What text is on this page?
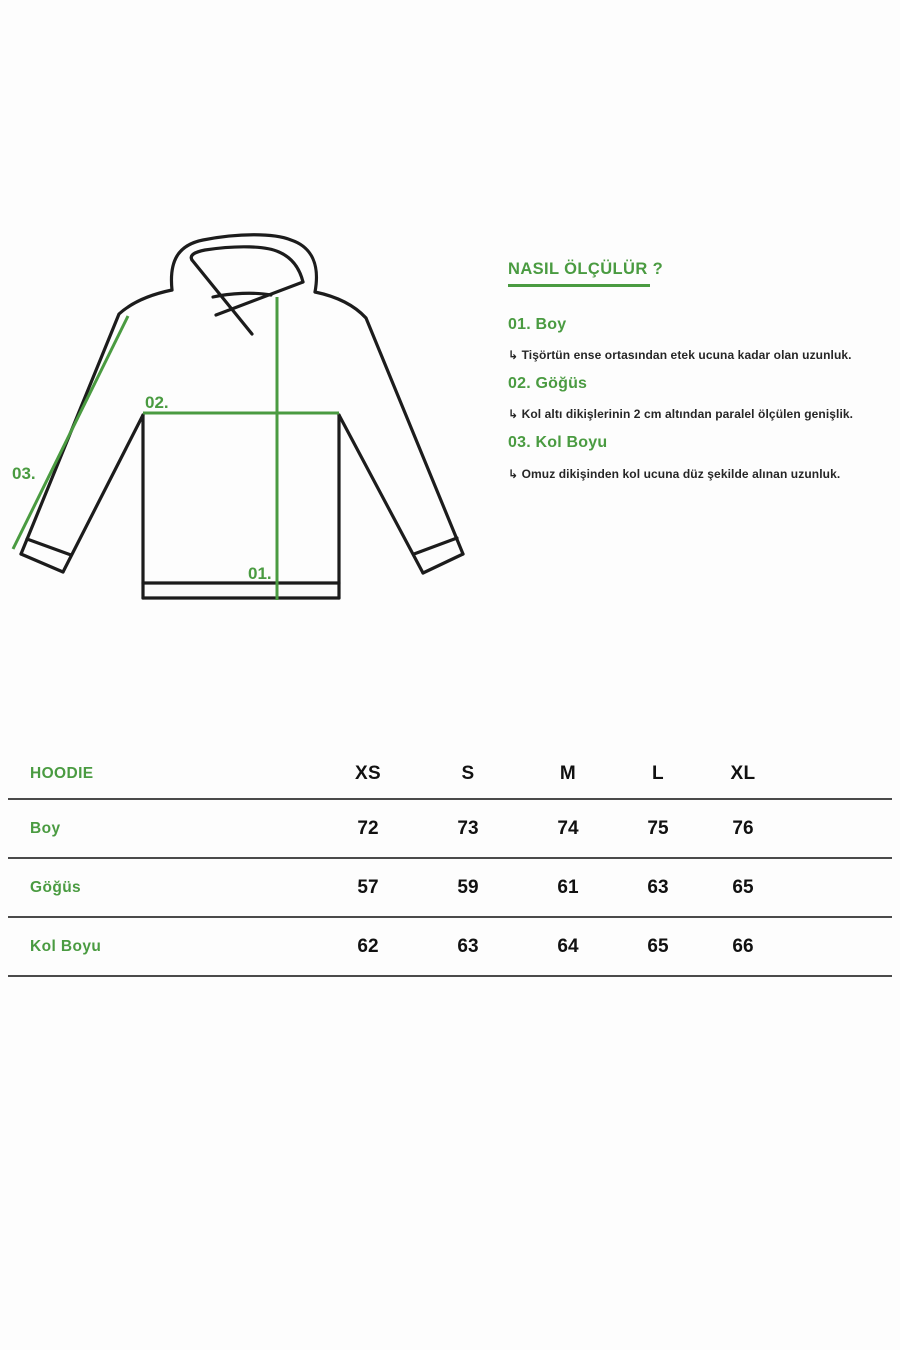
02.
01.
03.
NASIL ÖLÇÜLÜR ?
01. Boy
↳ Tişörtün ense ortasından etek ucuna kadar olan uzunluk.
02. Göğüs
↳ Kol altı dikişlerinin 2 cm altından paralel ölçülen genişlik.
03. Kol Boyu
↳ Omuz dikişinden kol ucuna düz şekilde alınan uzunluk.
HOODIE	XS	S	M	L	XL
Boy	72	73	74	75	76
Göğüs	57	59	61	63	65
Kol Boyu	62	63	64	65	66
